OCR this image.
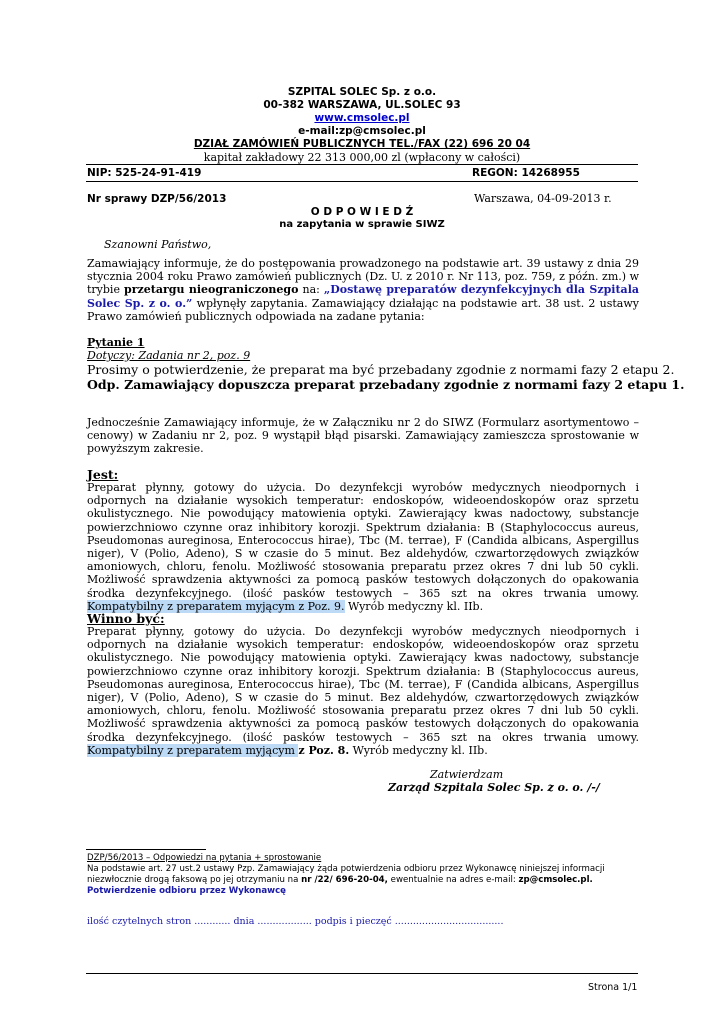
SZPITAL SOLEC Sp. z o.o.
00-382 WARSZAWA, UL.SOLEC 93
www.cmsolec.pl
e-mail:zp@cmsolec.pl
DZIAŁ ZAMÓWIEŃ PUBLICZNYCH TEL./FAX (22) 696 20 04
kapitał zakładowy 22 313 000,00 zl (wpłacony w całości)
NIP: 525-24-91-419	REGON: 14268955
Nr sprawy DZP/56/2013	Warszawa, 04-09-2013 r.
O D P O W I E D Ź
na zapytania w sprawie SIWZ
Szanowni Państwo,
Zamawiający informuje, że do postępowania prowadzonego na podstawie art. 39 ustawy z dnia 29 stycznia 2004 roku Prawo zamówień publicznych (Dz. U. z 2010 r. Nr 113, poz. 759, z późn. zm.) w trybie przetargu nieograniczonego na: „Dostawę preparatów dezynfekcyjnych dla Szpitala Solec Sp. z o. o.” wpłynęły zapytania. Zamawiający działając na podstawie art. 38 ust. 2 ustawy Prawo zamówień publicznych odpowiada na zadane pytania:
Pytanie 1
Dotyczy: Zadania nr 2, poz. 9
Prosimy o potwierdzenie, że preparat ma być przebadany zgodnie z normami fazy 2 etapu 2.
Odp. Zamawiający dopuszcza preparat przebadany zgodnie z normami fazy 2 etapu 1.
Jednocześnie Zamawiający informuje, że w Załączniku nr 2 do SIWZ (Formularz asortymentowo – cenowy) w Zadaniu nr 2, poz. 9 wystąpił błąd pisarski. Zamawiający zamieszcza sprostowanie w powyższym zakresie.
Jest:
Preparat płynny, gotowy do użycia. Do dezynfekcji wyrobów medycznych nieodpornych i odpornych na działanie wysokich temperatur: endoskopów, wideoendoskopów oraz sprzetu okulistycznego. Nie powodujący matowienia optyki. Zawierający kwas nadoctowy, substancje powierzchniowo czynne oraz inhibitory korozji. Spektrum działania: B (Staphylococcus aureus, Pseudomonas aureginosa, Enterococcus hirae), Tbc (M. terrae), F (Candida albicans, Aspergillus niger), V (Polio, Adeno), S w czasie do 5 minut. Bez aldehydów, czwartorzędowych związków amoniowych, chloru, fenolu. Możliwość stosowania preparatu przez okres 7 dni lub 50 cykli. Możliwość sprawdzenia aktywności za pomocą pasków testowych dołączonych do opakowania środka dezynfekcyjnego. (ilość pasków testowych – 365 szt na okres trwania umowy. Kompatybilny z preparatem myjącym z Poz. 9. Wyrób medyczny kl. IIb.
Winno być:
Preparat płynny, gotowy do użycia. Do dezynfekcji wyrobów medycznych nieodpornych i odpornych na działanie wysokich temperatur: endoskopów, wideoendoskopów oraz sprzetu okulistycznego. Nie powodujący matowienia optyki. Zawierający kwas nadoctowy, substancje powierzchniowo czynne oraz inhibitory korozji. Spektrum działania: B (Staphylococcus aureus, Pseudomonas aureginosa, Enterococcus hirae), Tbc (M. terrae), F (Candida albicans, Aspergillus niger), V (Polio, Adeno), S w czasie do 5 minut. Bez aldehydów, czwartorzędowych związków amoniowych, chloru, fenolu. Możliwość stosowania preparatu przez okres 7 dni lub 50 cykli. Możliwość sprawdzenia aktywności za pomocą pasków testowych dołączonych do opakowania środka dezynfekcyjnego. (ilość pasków testowych – 365 szt na okres trwania umowy. Kompatybilny z preparatem myjącym z Poz. 8. Wyrób medyczny kl. IIb.
Zatwierdzam
Zarząd Szpitala Solec Sp. z o. o. /-/
DZP/56/2013 – Odpowiedzi na pytania + sprostowanie
Na podstawie art. 27 ust.2 ustawy Pzp. Zamawiający żąda potwierdzenia odbioru przez Wykonawcę niniejszej informacji
niezwłocznie drogą faksową po jej otrzymaniu na nr /22/ 696-20-04, ewentualnie na adres e-mail: zp@cmsolec.pl.
Potwierdzenie odbioru przez Wykonawcę
ilość czytelnych stron ............ dnia .................. podpis i pieczęć ....................................
Strona 1/1
